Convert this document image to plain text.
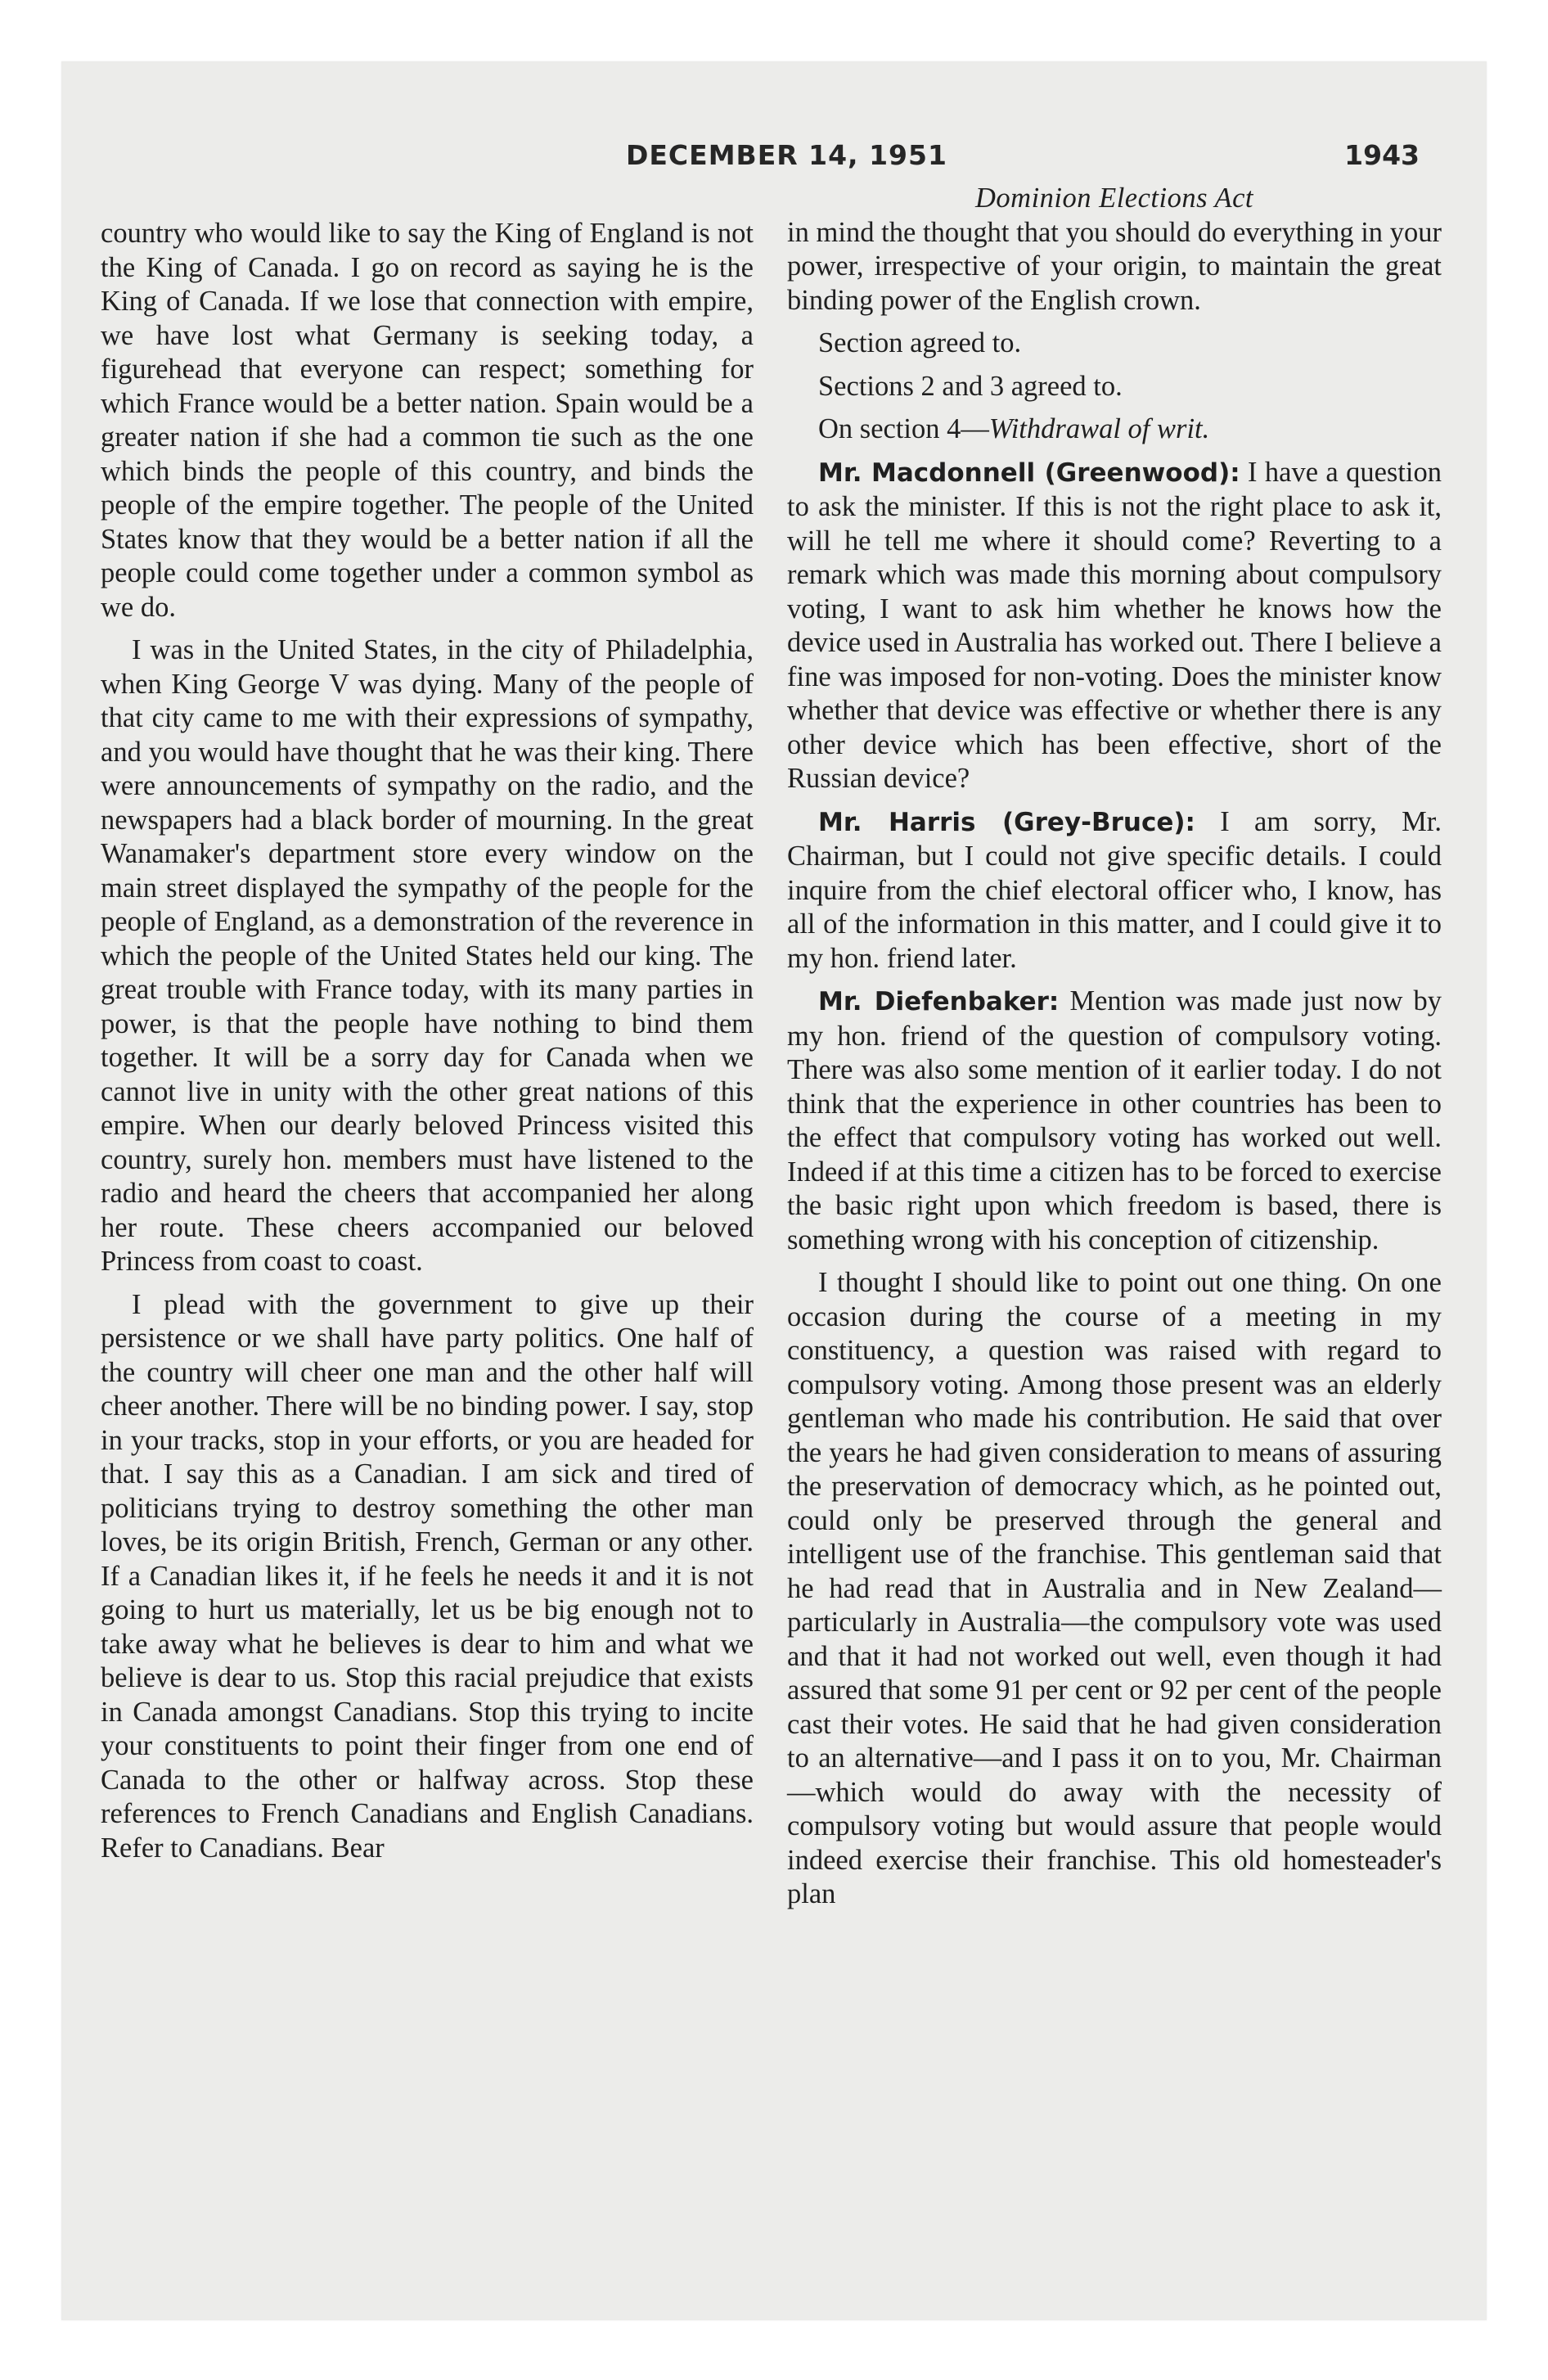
DECEMBER 14, 1951	1943

country who would like to say the King of England is not the King of Canada. I go on record as saying he is the King of Canada. If we lose that connection with empire, we have lost what Germany is seeking today, a figurehead that everyone can respect; something for which France would be a better nation. Spain would be a greater nation if she had a common tie such as the one which binds the people of this country, and binds the people of the empire together. The people of the United States know that they would be a better nation if all the people could come together under a common symbol as we do.

I was in the United States, in the city of Philadelphia, when King George V was dying. Many of the people of that city came to me with their expressions of sympathy, and you would have thought that he was their king. There were announcements of sympathy on the radio, and the newspapers had a black border of mourning. In the great Wanamaker's department store every window on the main street displayed the sympathy of the people for the people of England, as a demonstration of the reverence in which the people of the United States held our king. The great trouble with France today, with its many parties in power, is that the people have nothing to bind them together. It will be a sorry day for Canada when we cannot live in unity with the other great nations of this empire. When our dearly beloved Princess visited this country, surely hon. members must have listened to the radio and heard the cheers that accompanied her along her route. These cheers accompanied our beloved Princess from coast to coast.

I plead with the government to give up their persistence or we shall have party politics. One half of the country will cheer one man and the other half will cheer another. There will be no binding power. I say, stop in your tracks, stop in your efforts, or you are headed for that. I say this as a Canadian. I am sick and tired of politicians trying to destroy something the other man loves, be its origin British, French, German or any other. If a Canadian likes it, if he feels he needs it and it is not going to hurt us materially, let us be big enough not to take away what he believes is dear to him and what we believe is dear to us. Stop this racial prejudice that exists in Canada amongst Canadians. Stop this trying to incite your constituents to point their finger from one end of Canada to the other or halfway across. Stop these references to French Canadians and English Canadians. Refer to Canadians. Bear

Dominion Elections Act

in mind the thought that you should do everything in your power, irrespective of your origin, to maintain the great binding power of the English crown.

Section agreed to.

Sections 2 and 3 agreed to.

On section 4—Withdrawal of writ.

Mr. Macdonnell (Greenwood): I have a question to ask the minister. If this is not the right place to ask it, will he tell me where it should come? Reverting to a remark which was made this morning about compulsory voting, I want to ask him whether he knows how the device used in Australia has worked out. There I believe a fine was imposed for non-voting. Does the minister know whether that device was effective or whether there is any other device which has been effective, short of the Russian device?

Mr. Harris (Grey-Bruce): I am sorry, Mr. Chairman, but I could not give specific details. I could inquire from the chief electoral officer who, I know, has all of the information in this matter, and I could give it to my hon. friend later.

Mr. Diefenbaker: Mention was made just now by my hon. friend of the question of compulsory voting. There was also some mention of it earlier today. I do not think that the experience in other countries has been to the effect that compulsory voting has worked out well. Indeed if at this time a citizen has to be forced to exercise the basic right upon which freedom is based, there is something wrong with his conception of citizenship.

I thought I should like to point out one thing. On one occasion during the course of a meeting in my constituency, a question was raised with regard to compulsory voting. Among those present was an elderly gentleman who made his contribution. He said that over the years he had given consideration to means of assuring the preservation of democracy which, as he pointed out, could only be preserved through the general and intelligent use of the franchise. This gentleman said that he had read that in Australia and in New Zealand—particularly in Australia—the compulsory vote was used and that it had not worked out well, even though it had assured that some 91 per cent or 92 per cent of the people cast their votes. He said that he had given consideration to an alternative—and I pass it on to you, Mr. Chairman—which would do away with the necessity of compulsory voting but would assure that people would indeed exercise their franchise. This old homesteader's plan
